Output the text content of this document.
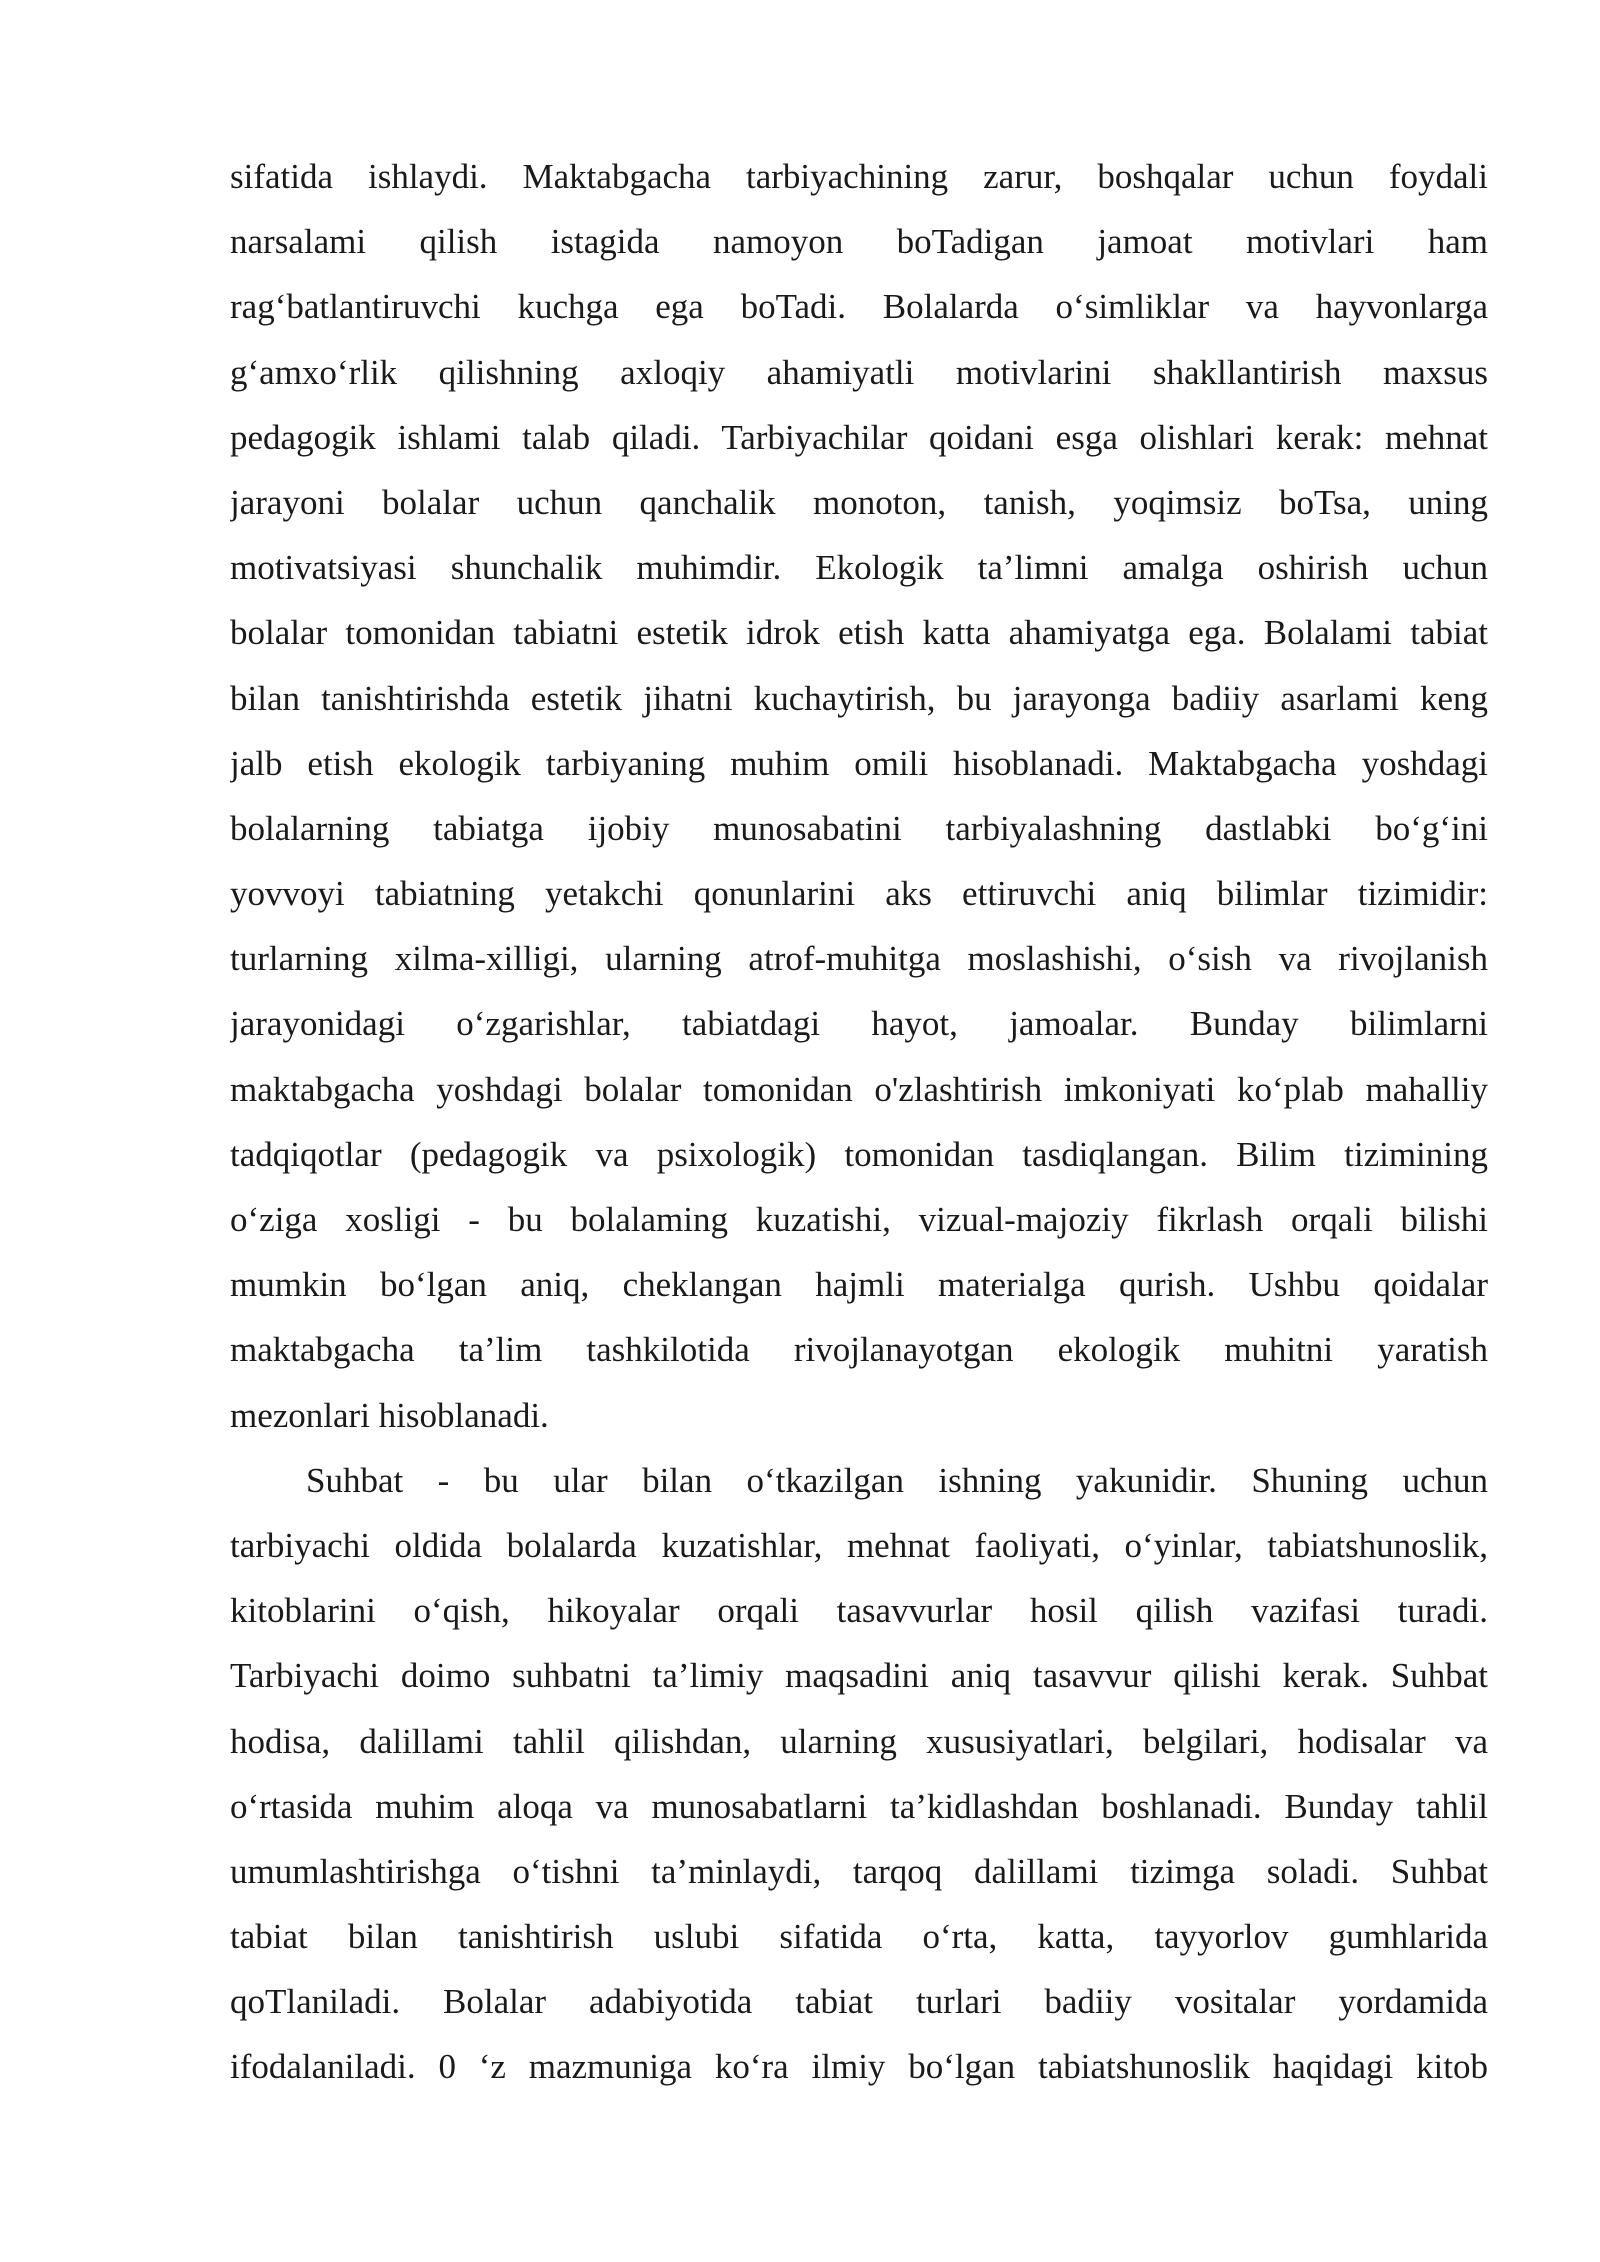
sifatida ishlaydi. Maktabgacha tarbiyachining zarur, boshqalar uchun foydali
narsalami qilish istagida namoyon boTadigan jamoat motivlari ham
rag‘batlantiruvchi kuchga ega boTadi. Bolalarda o‘simliklar va hayvonlarga
g‘amxo‘rlik qilishning axloqiy ahamiyatli motivlarini shakllantirish maxsus
pedagogik ishlami talab qiladi. Tarbiyachilar qoidani esga olishlari kerak: mehnat
jarayoni bolalar uchun qanchalik monoton, tanish, yoqimsiz boTsa, uning
motivatsiyasi shunchalik muhimdir. Ekologik ta’limni amalga oshirish uchun
bolalar tomonidan tabiatni estetik idrok etish katta ahamiyatga ega. Bolalami tabiat
bilan tanishtirishda estetik jihatni kuchaytirish, bu jarayonga badiiy asarlami keng
jalb etish ekologik tarbiyaning muhim omili hisoblanadi. Maktabgacha yoshdagi
bolalarning tabiatga ijobiy munosabatini tarbiyalashning dastlabki bo‘g‘ini
yovvoyi tabiatning yetakchi qonunlarini aks ettiruvchi aniq bilimlar tizimidir:
turlarning xilma-xilligi, ularning atrof-muhitga moslashishi, o‘sish va rivojlanish
jarayonidagi o‘zgarishlar, tabiatdagi hayot, jamoalar. Bunday bilimlarni
maktabgacha yoshdagi bolalar tomonidan o'zlashtirish imkoniyati ko‘plab mahalliy
tadqiqotlar (pedagogik va psixologik) tomonidan tasdiqlangan. Bilim tizimining
o‘ziga xosligi - bu bolalaming kuzatishi, vizual-majoziy fikrlash orqali bilishi
mumkin bo‘lgan aniq, cheklangan hajmli materialga qurish. Ushbu qoidalar
maktabgacha ta’lim tashkilotida rivojlanayotgan ekologik muhitni yaratish
mezonlari hisoblanadi.
Suhbat - bu ular bilan o‘tkazilgan ishning yakunidir. Shuning uchun
tarbiyachi oldida bolalarda kuzatishlar, mehnat faoliyati, o‘yinlar, tabiatshunoslik,
kitoblarini o‘qish, hikoyalar orqali tasavvurlar hosil qilish vazifasi turadi.
Tarbiyachi doimo suhbatni ta’limiy maqsadini aniq tasavvur qilishi kerak. Suhbat
hodisa, dalillami tahlil qilishdan, ularning xususiyatlari, belgilari, hodisalar va
o‘rtasida muhim aloqa va munosabatlarni ta’kidlashdan boshlanadi. Bunday tahlil
umumlashtirishga o‘tishni ta’minlaydi, tarqoq dalillami tizimga soladi. Suhbat
tabiat bilan tanishtirish uslubi sifatida o‘rta, katta, tayyorlov gumhlarida
qoTlaniladi. Bolalar adabiyotida tabiat turlari badiiy vositalar yordamida
ifodalaniladi. 0 ‘z mazmuniga ko‘ra ilmiy bo‘lgan tabiatshunoslik haqidagi kitob
